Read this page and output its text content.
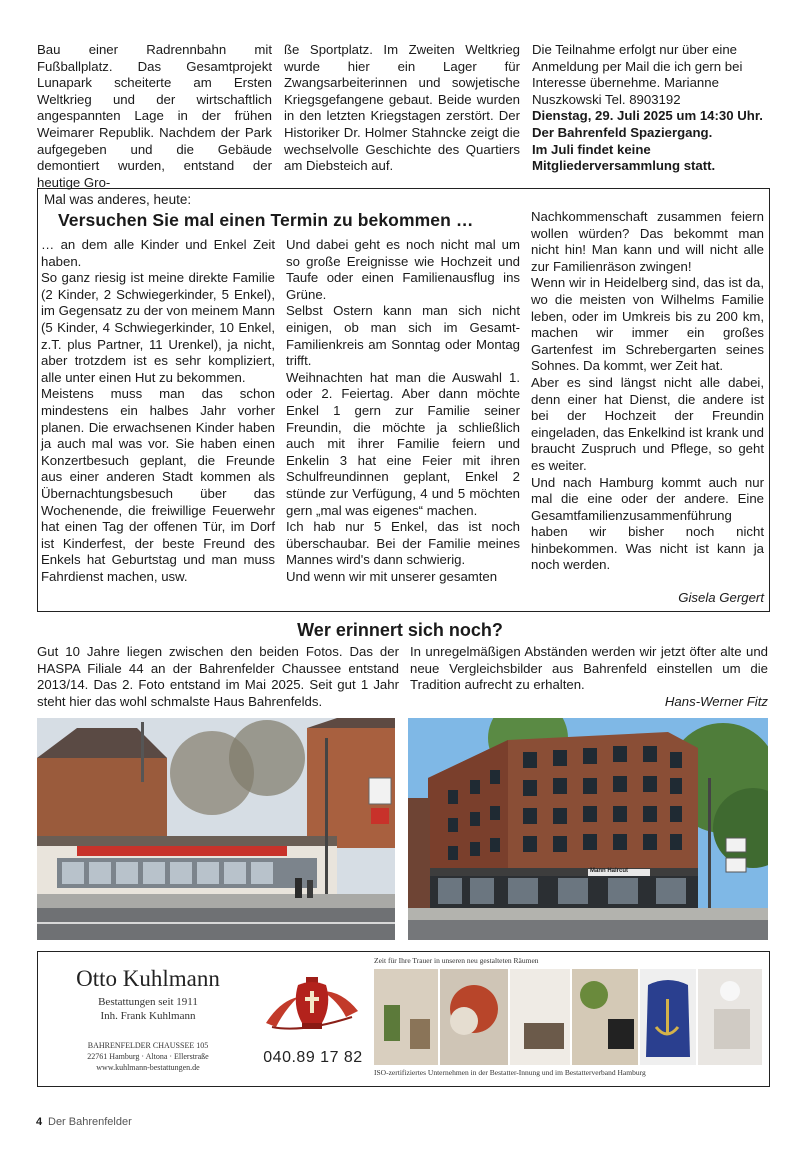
Bau einer Radrennbahn mit Fußballplatz. Das Gesamtprojekt Lunapark scheiterte am Ersten Weltkrieg und der wirtschaftlich angespannten Lage in der frühen Weimarer Republik. Nachdem der Park aufgegeben und die Gebäude demontiert wurden, entstand der heutige Gro-

ße Sportplatz. Im Zweiten Weltkrieg wurde hier ein Lager für Zwangsarbeiterinnen und sowjetische Kriegsgefangene gebaut. Beide wurden in den letzten Kriegstagen zerstört. Der Historiker Dr. Holmer Stahncke zeigt die wechselvolle Geschichte des Quartiers am Diebsteich auf.

Die Teilnahme erfolgt nur über eine Anmeldung per Mail die ich gern bei Interesse übernehme. Marianne Nuszkowski Tel. 8903192

Dienstag, 29. Juli 2025 um 14:30 Uhr. Der Bahrenfeld Spaziergang.

Im Juli findet keine Mitgliederversammlung statt.

Mal was anderes, heute:
Versuchen Sie mal einen Termin zu bekommen …

… an dem alle Kinder und Enkel Zeit haben.

So ganz riesig ist meine direkte Familie (2 Kinder, 2 Schwiegerkinder, 5 Enkel), im Gegensatz zu der von meinem Mann (5 Kinder, 4 Schwiegerkinder, 10 Enkel, z.T. plus Partner, 11 Urenkel), ja nicht, aber trotzdem ist es sehr kompliziert, alle unter einen Hut zu bekommen.

Meistens muss man das schon mindestens ein halbes Jahr vorher planen. Die erwachsenen Kinder haben ja auch mal was vor. Sie haben einen Konzertbesuch geplant, die Freunde aus einer anderen Stadt kommen als Übernachtungsbesuch über das Wochenende, die freiwillige Feuerwehr hat einen Tag der offenen Tür, im Dorf ist Kinderfest, der beste Freund des Enkels hat Geburtstag und man muss Fahrdienst machen, usw.

Und dabei geht es noch nicht mal um so große Ereignisse wie Hochzeit und Taufe oder einen Familienausflug ins Grüne.

Selbst Ostern kann man sich nicht einigen, ob man sich im Gesamt-Familienkreis am Sonntag oder Montag trifft.

Weihnachten hat man die Auswahl 1. oder 2. Feiertag. Aber dann möchte Enkel 1 gern zur Familie seiner Freundin, die möchte ja schließlich auch mit ihrer Familie feiern und Enkelin 3 hat eine Feier mit ihren Schulfreundinnen geplant, Enkel 2 stünde zur Verfügung, 4 und 5 möchten gern „mal was eigenes“ machen.

Ich hab nur 5 Enkel, das ist noch überschaubar. Bei der Familie meines Mannes wird's dann schwierig.

Und wenn wir mit unserer gesamten

Nachkommenschaft zusammen feiern wollen würden? Das bekommt man nicht hin! Man kann und will nicht alle zur Familienräson zwingen!

Wenn wir in Heidelberg sind, das ist da, wo die meisten von Wilhelms Familie leben, oder im Umkreis bis zu 200 km, machen wir immer ein großes Gartenfest im Schrebergarten seines Sohnes. Da kommt, wer Zeit hat.

Aber es sind längst nicht alle dabei, denn einer hat Dienst, die andere ist bei der Hochzeit der Freundin eingeladen, das Enkelkind ist krank und braucht Zuspruch und Pflege, so geht es weiter.

Und nach Hamburg kommt auch nur mal die eine oder der andere. Eine Gesamtfamilienzusammenführung haben wir bisher noch nicht hinbekommen. Was nicht ist kann ja noch werden.

Gisela Gergert
Wer erinnert sich noch?

Gut 10 Jahre liegen zwischen den beiden Fotos. Das der HASPA Filiale 44 an der Bahrenfelder Chaussee entstand 2013/14. Das 2. Foto entstand im Mai 2025. Seit gut 1 Jahr steht hier das wohl schmalste Haus Bahrenfelds.

In unregelmäßigen Abständen werden wir jetzt öfter alte und neue Vergleichsbilder aus Bahrenfeld einstellen um die Tradition aufrecht zu erhalten.

Hans-Werner Fitz

Mann Haircut
Otto Kuhlmann
Bestattungen seit 1911
Inh. Frank Kuhlmann
BAHRENFELDER CHAUSSEE 105
22761 Hamburg · Altona · Ellerstraße
www.kuhlmann-bestattungen.de
040.89 17 82
Zeit für Ihre Trauer in unseren neu gestalteten Räumen
ISO-zertifiziertes Unternehmen in der Bestatter-Innung und im Bestatterverband Hamburg
4 Der Bahrenfelder
